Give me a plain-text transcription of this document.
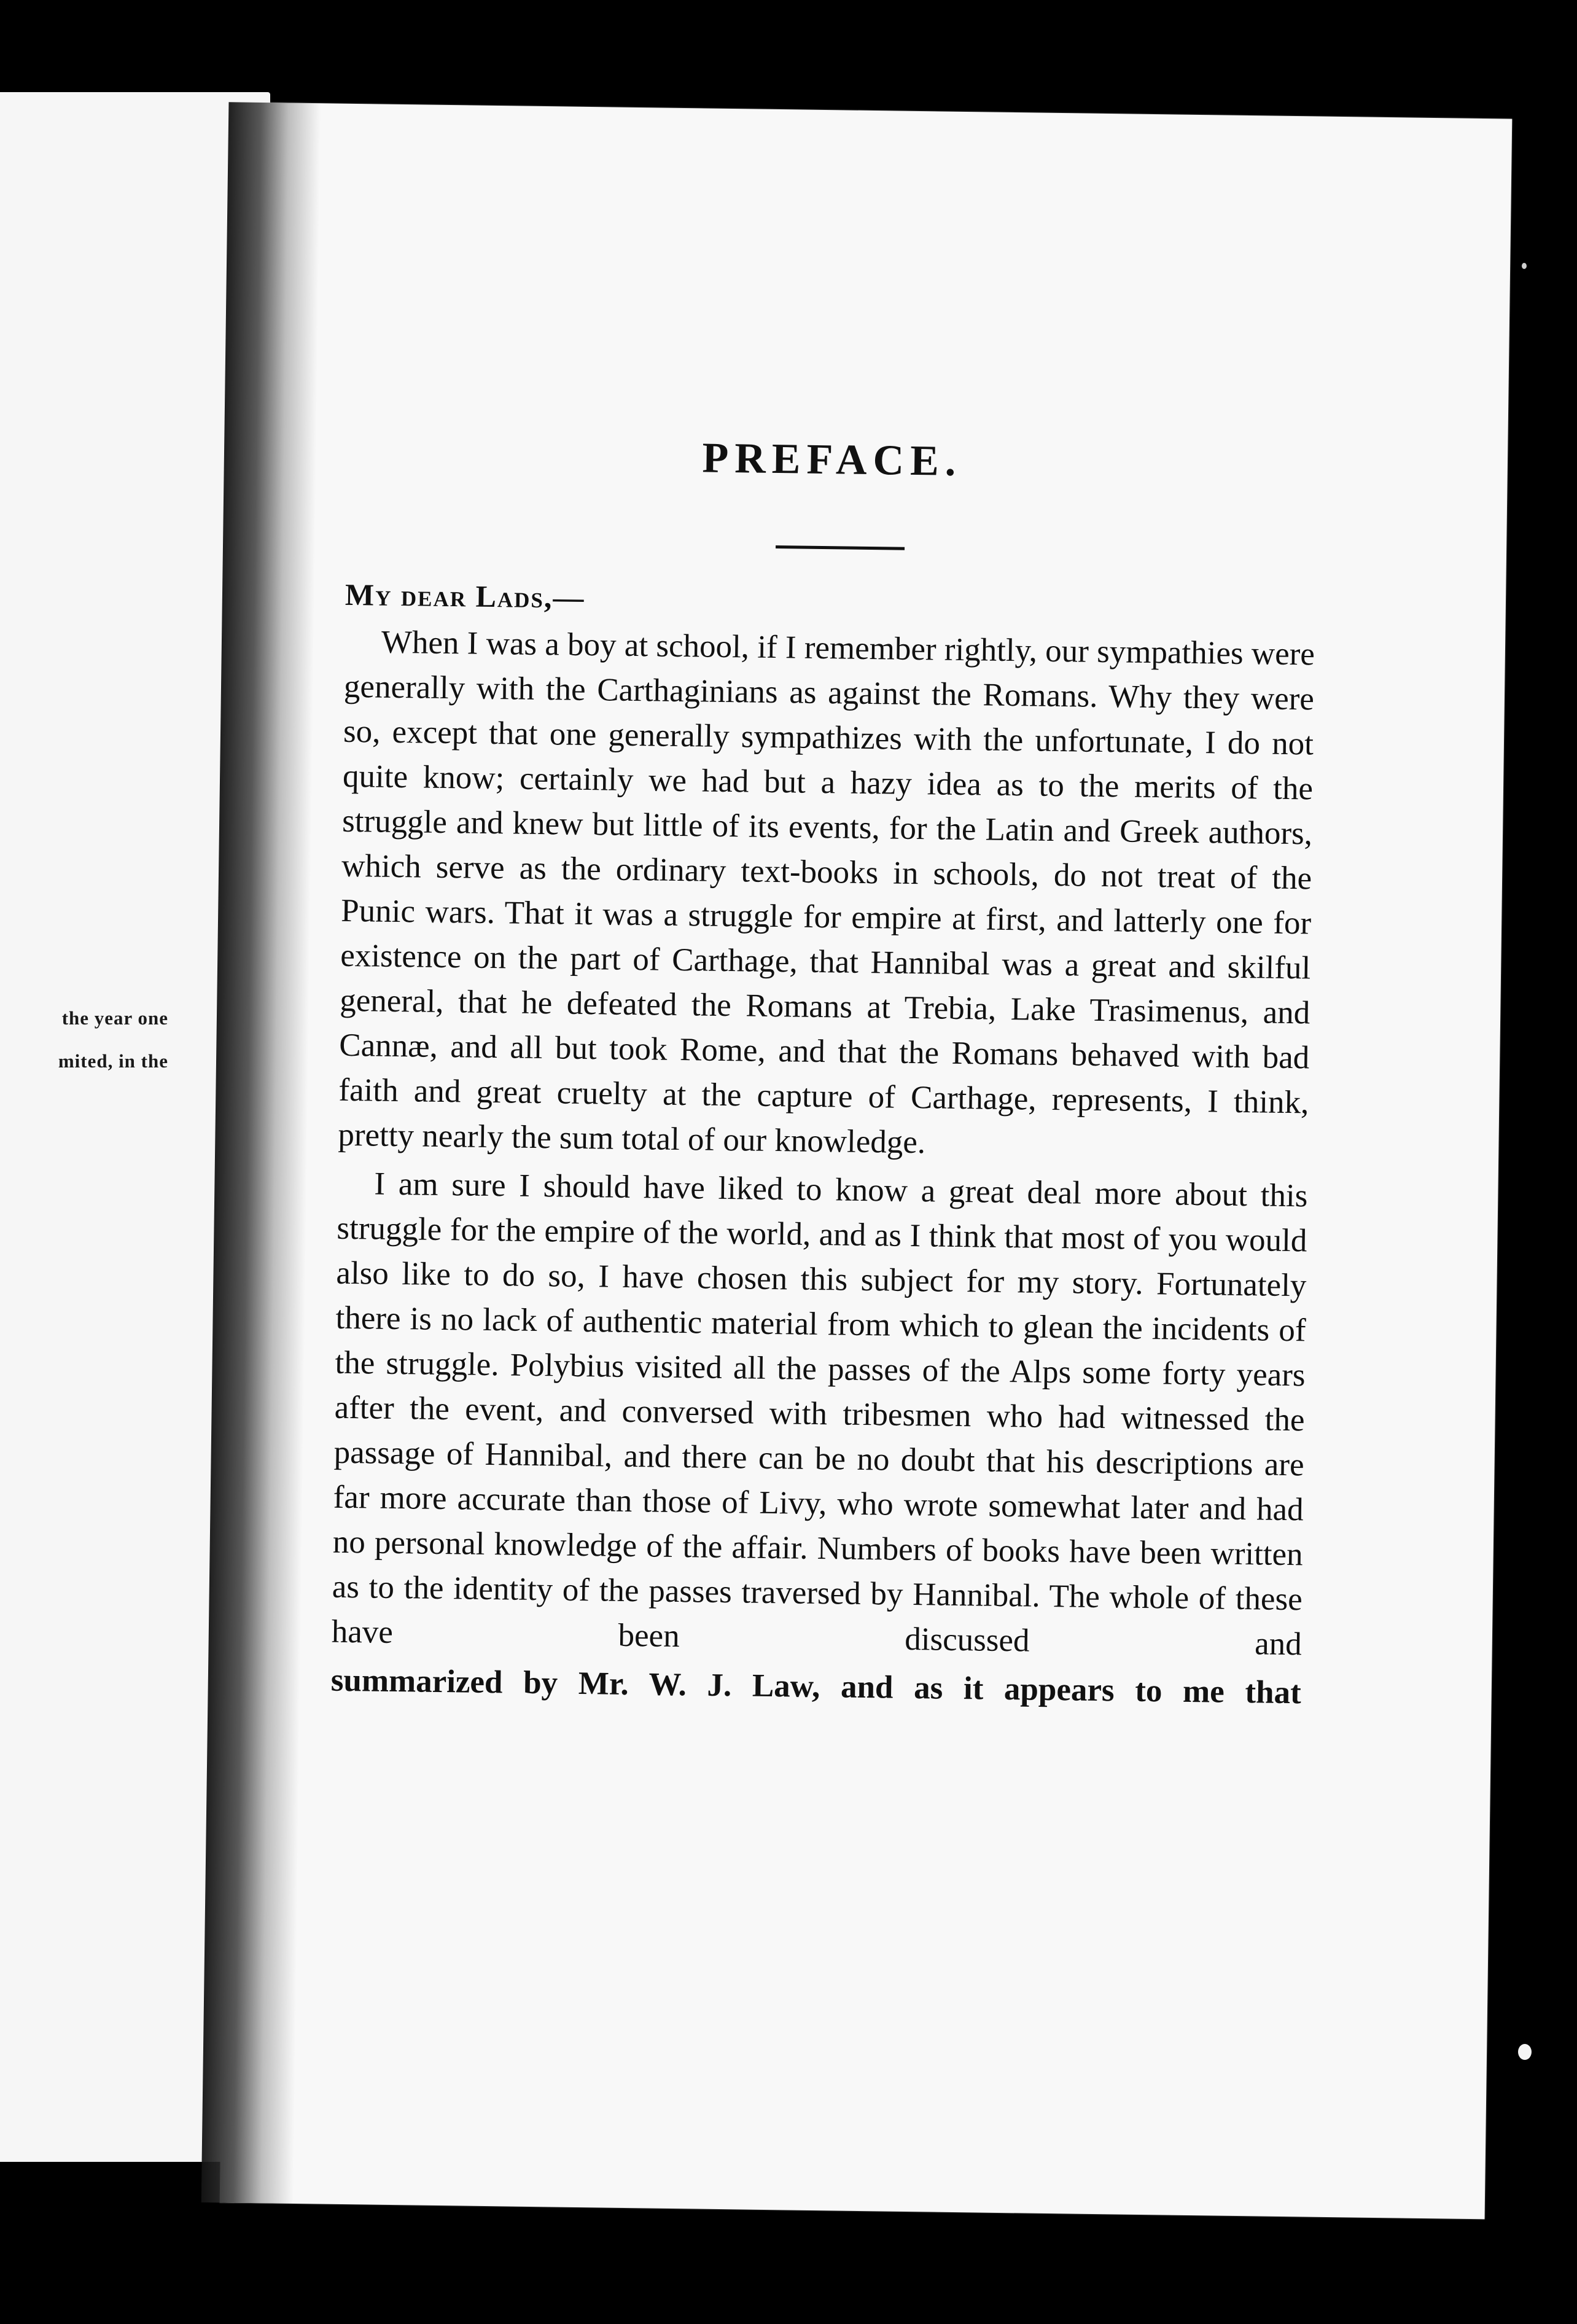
the year one
mited, in the
PREFACE.
My dear Lads,—

When I was a boy at school, if I remember rightly, our sympathies were generally with the Carthaginians as against the Romans. Why they were so, except that one generally sympathizes with the unfortunate, I do not quite know; certainly we had but a hazy idea as to the merits of the struggle and knew but little of its events, for the Latin and Greek authors, which serve as the ordinary text-books in schools, do not treat of the Punic wars. That it was a struggle for empire at first, and latterly one for existence on the part of Carthage, that Hannibal was a great and skilful general, that he defeated the Romans at Trebia, Lake Trasimenus, and Cannæ, and all but took Rome, and that the Romans behaved with bad faith and great cruelty at the capture of Carthage, represents, I think, pretty nearly the sum total of our knowledge.

I am sure I should have liked to know a great deal more about this struggle for the empire of the world, and as I think that most of you would also like to do so, I have chosen this subject for my story. Fortunately there is no lack of authentic material from which to glean the incidents of the struggle. Polybius visited all the passes of the Alps some forty years after the event, and conversed with tribesmen who had witnessed the passage of Hannibal, and there can be no doubt that his descriptions are far more accurate than those of Livy, who wrote somewhat later and had no personal knowledge of the affair. Numbers of books have been written as to the identity of the passes traversed by Hannibal. The whole of these have been discussed and

summarized by Mr. W. J. Law, and as it appears to me that
